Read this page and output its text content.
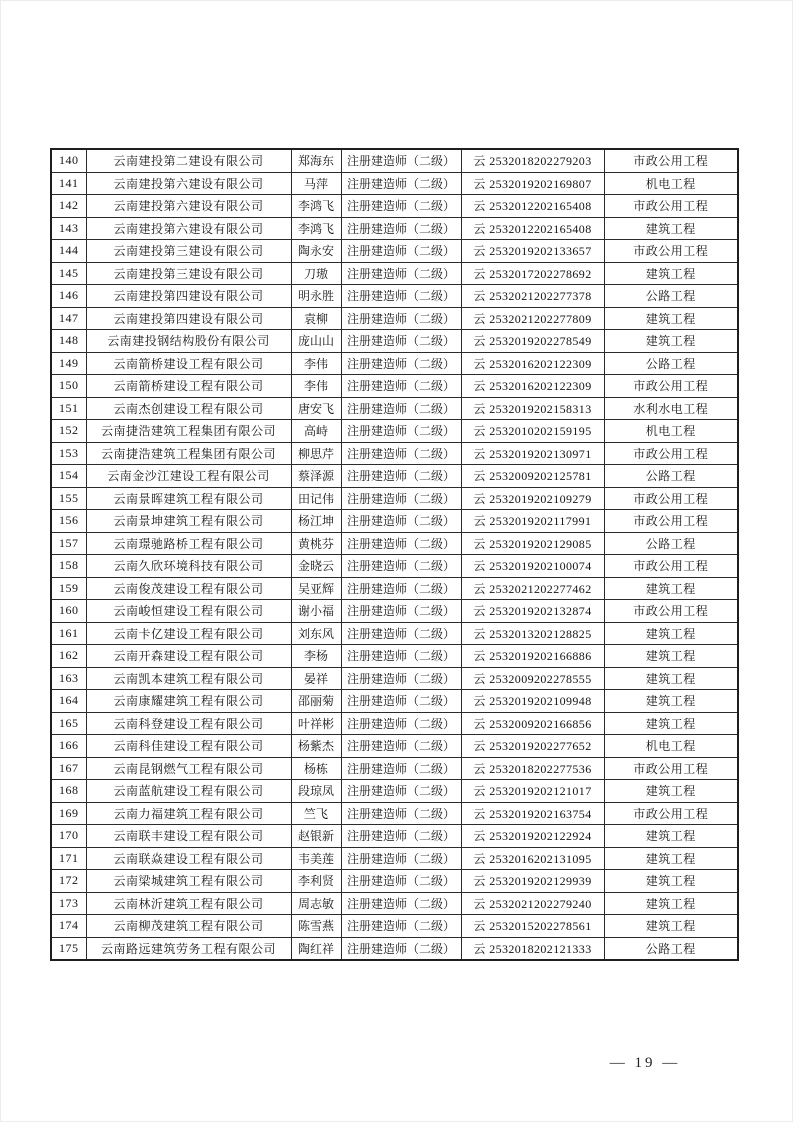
140	云南建投第二建设有限公司	郑海东	注册建造师（二级）	云 2532018202279203	市政公用工程
141	云南建投第六建设有限公司	马萍	注册建造师（二级）	云 2532019202169807	机电工程
142	云南建投第六建设有限公司	李鸿飞	注册建造师（二级）	云 2532012202165408	市政公用工程
143	云南建投第六建设有限公司	李鸿飞	注册建造师（二级）	云 2532012202165408	建筑工程
144	云南建投第三建设有限公司	陶永安	注册建造师（二级）	云 2532019202133657	市政公用工程
145	云南建投第三建设有限公司	刀璈	注册建造师（二级）	云 2532017202278692	建筑工程
146	云南建投第四建设有限公司	明永胜	注册建造师（二级）	云 2532021202277378	公路工程
147	云南建投第四建设有限公司	袁柳	注册建造师（二级）	云 2532021202277809	建筑工程
148	云南建投钢结构股份有限公司	庞山山	注册建造师（二级）	云 2532019202278549	建筑工程
149	云南箭桥建设工程有限公司	李伟	注册建造师（二级）	云 2532016202122309	公路工程
150	云南箭桥建设工程有限公司	李伟	注册建造师（二级）	云 2532016202122309	市政公用工程
151	云南杰创建设工程有限公司	唐安飞	注册建造师（二级）	云 2532019202158313	水利水电工程
152	云南捷浩建筑工程集团有限公司	高峙	注册建造师（二级）	云 2532010202159195	机电工程
153	云南捷浩建筑工程集团有限公司	柳思芹	注册建造师（二级）	云 2532019202130971	市政公用工程
154	云南金沙江建设工程有限公司	蔡泽源	注册建造师（二级）	云 2532009202125781	公路工程
155	云南景晖建筑工程有限公司	田记伟	注册建造师（二级）	云 2532019202109279	市政公用工程
156	云南景坤建筑工程有限公司	杨江坤	注册建造师（二级）	云 2532019202117991	市政公用工程
157	云南璟驰路桥工程有限公司	黄桃芬	注册建造师（二级）	云 2532019202129085	公路工程
158	云南久欣环境科技有限公司	金晓云	注册建造师（二级）	云 2532019202100074	市政公用工程
159	云南俊茂建设工程有限公司	吴亚辉	注册建造师（二级）	云 2532021202277462	建筑工程
160	云南峻恒建设工程有限公司	谢小福	注册建造师（二级）	云 2532019202132874	市政公用工程
161	云南卡亿建设工程有限公司	刘东风	注册建造师（二级）	云 2532013202128825	建筑工程
162	云南开森建设工程有限公司	李杨	注册建造师（二级）	云 2532019202166886	建筑工程
163	云南凯本建筑工程有限公司	晏祥	注册建造师（二级）	云 2532009202278555	建筑工程
164	云南康耀建筑工程有限公司	邵丽菊	注册建造师（二级）	云 2532019202109948	建筑工程
165	云南科登建设工程有限公司	叶祥彬	注册建造师（二级）	云 2532009202166856	建筑工程
166	云南科佳建设工程有限公司	杨紫杰	注册建造师（二级）	云 2532019202277652	机电工程
167	云南昆钢燃气工程有限公司	杨栋	注册建造师（二级）	云 2532018202277536	市政公用工程
168	云南蓝航建设工程有限公司	段琼凤	注册建造师（二级）	云 2532019202121017	建筑工程
169	云南力福建筑工程有限公司	竺飞	注册建造师（二级）	云 2532019202163754	市政公用工程
170	云南联丰建设工程有限公司	赵银新	注册建造师（二级）	云 2532019202122924	建筑工程
171	云南联焱建设工程有限公司	韦美莲	注册建造师（二级）	云 2532016202131095	建筑工程
172	云南梁城建筑工程有限公司	李利贤	注册建造师（二级）	云 2532019202129939	建筑工程
173	云南林沂建筑工程有限公司	周志敏	注册建造师（二级）	云 2532021202279240	建筑工程
174	云南柳茂建筑工程有限公司	陈雪燕	注册建造师（二级）	云 2532015202278561	建筑工程
175	云南路远建筑劳务工程有限公司	陶红祥	注册建造师（二级）	云 2532018202121333	公路工程
— 19 —
